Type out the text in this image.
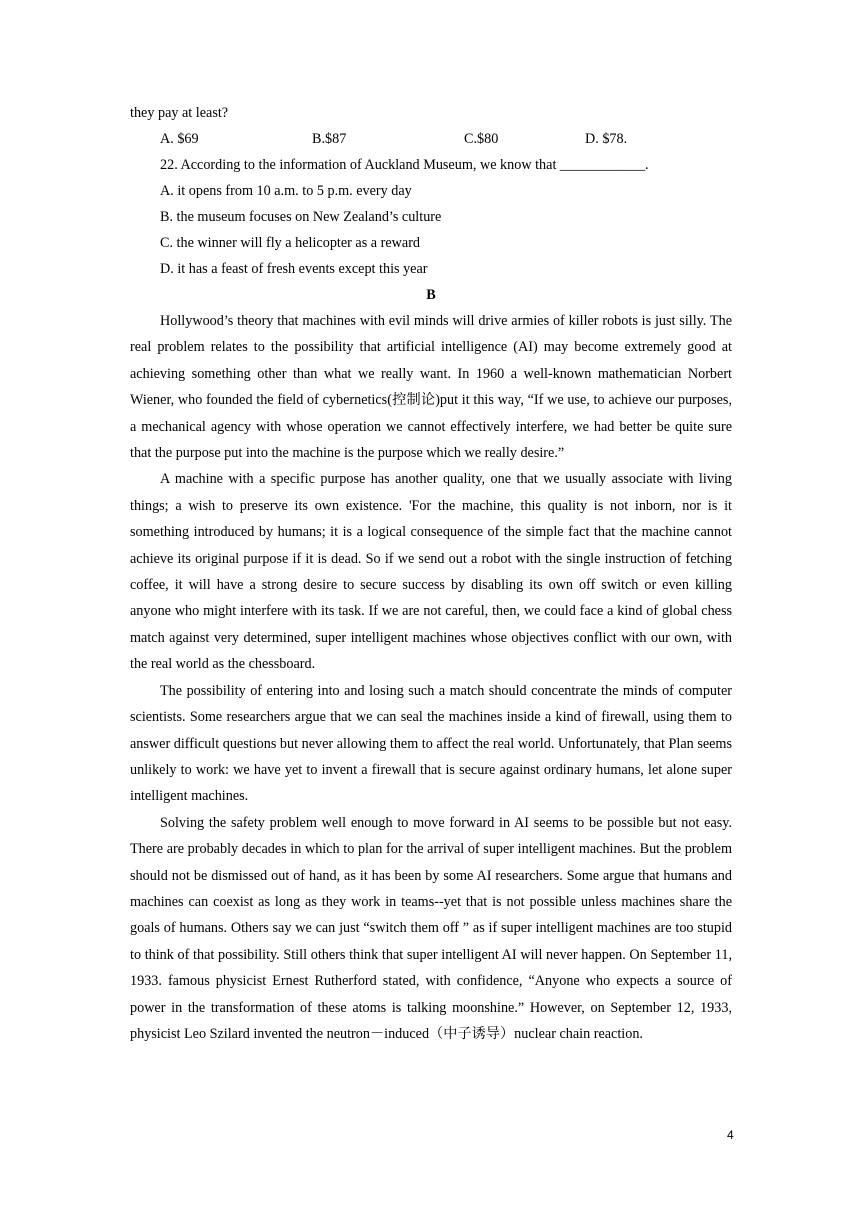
they pay at least?
A. $69	B.$87	C.$80	D. $78.
22. According to the information of Auckland Museum, we know that ____________.
A. it opens from 10 a.m. to 5 p.m. every day
B. the museum focuses on New Zealand’s culture
C. the winner will fly a helicopter as a reward
D. it has a feast of fresh events except this year
B

Hollywood’s theory that machines with evil minds will drive armies of killer robots is just silly. The real problem relates to the possibility that artificial intelligence (AI) may become extremely good at achieving something other than what we really want. In 1960 a well-known mathematician Norbert Wiener, who founded the field of cybernetics(控制论)put it this way, “If we use, to achieve our purposes, a mechanical agency with whose operation we cannot effectively interfere, we had better be quite sure that the purpose put into the machine is the purpose which we really desire.”

A machine with a specific purpose has another quality, one that we usually associate with living things; a wish to preserve its own existence. 'For the machine, this quality is not inborn, nor is it something introduced by humans; it is a logical consequence of the simple fact that the machine cannot achieve its original purpose if it is dead. So if we send out a robot with the single instruction of fetching coffee, it will have a strong desire to secure success by disabling its own off switch or even killing anyone who might interfere with its task. If we are not careful, then, we could face a kind of global chess match against very determined, super intelligent machines whose objectives conflict with our own, with the real world as the chessboard.

The possibility of entering into and losing such a match should concentrate the minds of computer scientists. Some researchers argue that we can seal the machines inside a kind of firewall, using them to answer difficult questions but never allowing them to affect the real world. Unfortunately, that Plan seems unlikely to work: we have yet to invent a firewall that is secure against ordinary humans, let alone super intelligent machines.

Solving the safety problem well enough to move forward in AI seems to be possible but not easy. There are probably decades in which to plan for the arrival of super intelligent machines. But the problem should not be dismissed out of hand, as it has been by some AI researchers. Some argue that humans and machines can coexist as long as they work in teams--yet that is not possible unless machines share the goals of humans. Others say we can just “switch them off ” as if super intelligent machines are too stupid to think of that possibility. Still others think that super intelligent AI will never happen. On September 11, 1933. famous physicist Ernest Rutherford stated, with confidence, “Anyone who expects a source of power in the transformation of these atoms is talking moonshine.” However, on September 12, 1933, physicist Leo Szilard invented the neutron－induced（中子诱导）nuclear chain reaction.

4
